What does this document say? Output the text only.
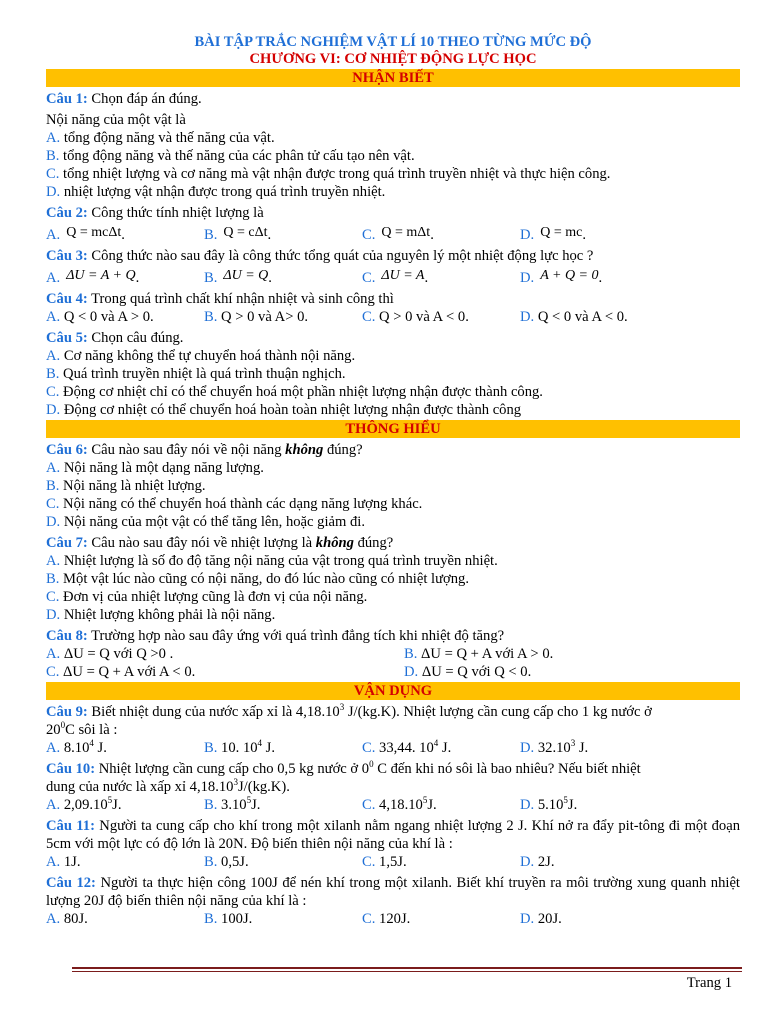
BÀI TẬP TRẮC NGHIỆM VẬT LÍ 10 THEO TỪNG MỨC ĐỘ
CHƯƠNG VI: CƠ NHIỆT ĐỘNG LỰC HỌC
NHẬN BIẾT
Câu 1: Chọn đáp án đúng.
Nội năng của một vật là
A. tổng động năng và thế năng của vật.
B. tổng động năng và thế năng của các phân tử cấu tạo nên vật.
C. tổng nhiệt lượng và cơ năng mà vật nhận được trong quá trình truyền nhiệt và thực hiện công.
D. nhiệt lượng vật nhận được trong quá trình truyền nhiệt.
Câu 2: Công thức tính nhiệt lượng là
A. Q = mcΔt.	B. Q = cΔt.	C. Q = mΔt.	D. Q = mc.
Câu 3: Công thức nào sau đây là công thức tổng quát của nguyên lý một nhiệt động lực học ?
A. ΔU = A + Q.	B. ΔU = Q.	C. ΔU = A.	D. A + Q = 0.
Câu 4: Trong quá trình chất khí nhận nhiệt và sinh công thì
A. Q < 0 và A > 0.	B. Q > 0 và A> 0.	C. Q > 0 và A < 0.	D. Q < 0 và A < 0.
Câu 5: Chọn câu đúng.
A. Cơ năng không thể tự chuyển hoá thành nội năng.
B. Quá trình truyền nhiệt là quá trình thuận nghịch.
C. Động cơ nhiệt chỉ có thể chuyển hoá một phần nhiệt lượng nhận được thành công.
D. Động cơ nhiệt có thể chuyển hoá hoàn toàn nhiệt lượng nhận được thành công
THÔNG HIỂU
Câu 6: Câu nào sau đây nói về nội năng không đúng?
A. Nội năng là một dạng năng lượng.
B. Nội năng là nhiệt lượng.
C. Nội năng có thể chuyển hoá thành các dạng năng lượng khác.
D. Nội năng của một vật có thể tăng lên, hoặc giảm đi.
Câu 7: Câu nào sau đây nói về nhiệt lượng là không đúng?
A. Nhiệt lượng là số đo độ tăng nội năng của vật trong quá trình truyền nhiệt.
B. Một vật lúc nào cũng có nội năng, do đó lúc nào cũng có nhiệt lượng.
C. Đơn vị của nhiệt lượng cũng là đơn vị của nội năng.
D. Nhiệt lượng không phải là nội năng.
Câu 8: Trường hợp nào sau đây ứng với quá trình đẳng tích khi nhiệt độ tăng?
A. ΔU = Q với Q >0 .	B. ΔU = Q + A với A > 0.
C. ΔU = Q + A với A < 0.	D. ΔU = Q với Q < 0.
VẬN DỤNG
Câu 9: Biết nhiệt dung của nước xấp xỉ là 4,18.10$^3$ J/(kg.K). Nhiệt lượng cần cung cấp cho 1 kg nước ở
$20^0C$ sôi là :
A. 8.10$^4$ J.	B. 10. $10^4$ J.	C. 33,44. $10^4$ J.	D. 32.10$^3$ J.
Câu 10: Nhiệt lượng cần cung cấp cho 0,5 kg nước ở $0^0$ C đến khi nó sôi là bao nhiêu? Nếu biết nhiệt
dung của nước là xấp xỉ 4,18.10$^3$J/(kg.K).
A. 2,09.10$^5$J.	B. 3.10$^5$J.	C. 4,18.10$^5$J.	D. 5.10$^5$J.
Câu 11: Người ta cung cấp cho khí trong một xilanh nằm ngang nhiệt lượng 2 J. Khí nở ra đẩy pit-tông đi một đoạn 5cm với một lực có độ lớn là 20N. Độ biến thiên nội năng của khí là :
A. 1J.	B. 0,5J.	C. 1,5J.	D. 2J.
Câu 12: Người ta thực hiện công 100J để nén khí trong một xilanh. Biết khí truyền ra môi trường xung quanh nhiệt lượng 20J độ biến thiên nội năng của khí là :
A. 80J.	B. 100J.	C. 120J.	D. 20J.
Trang 1
